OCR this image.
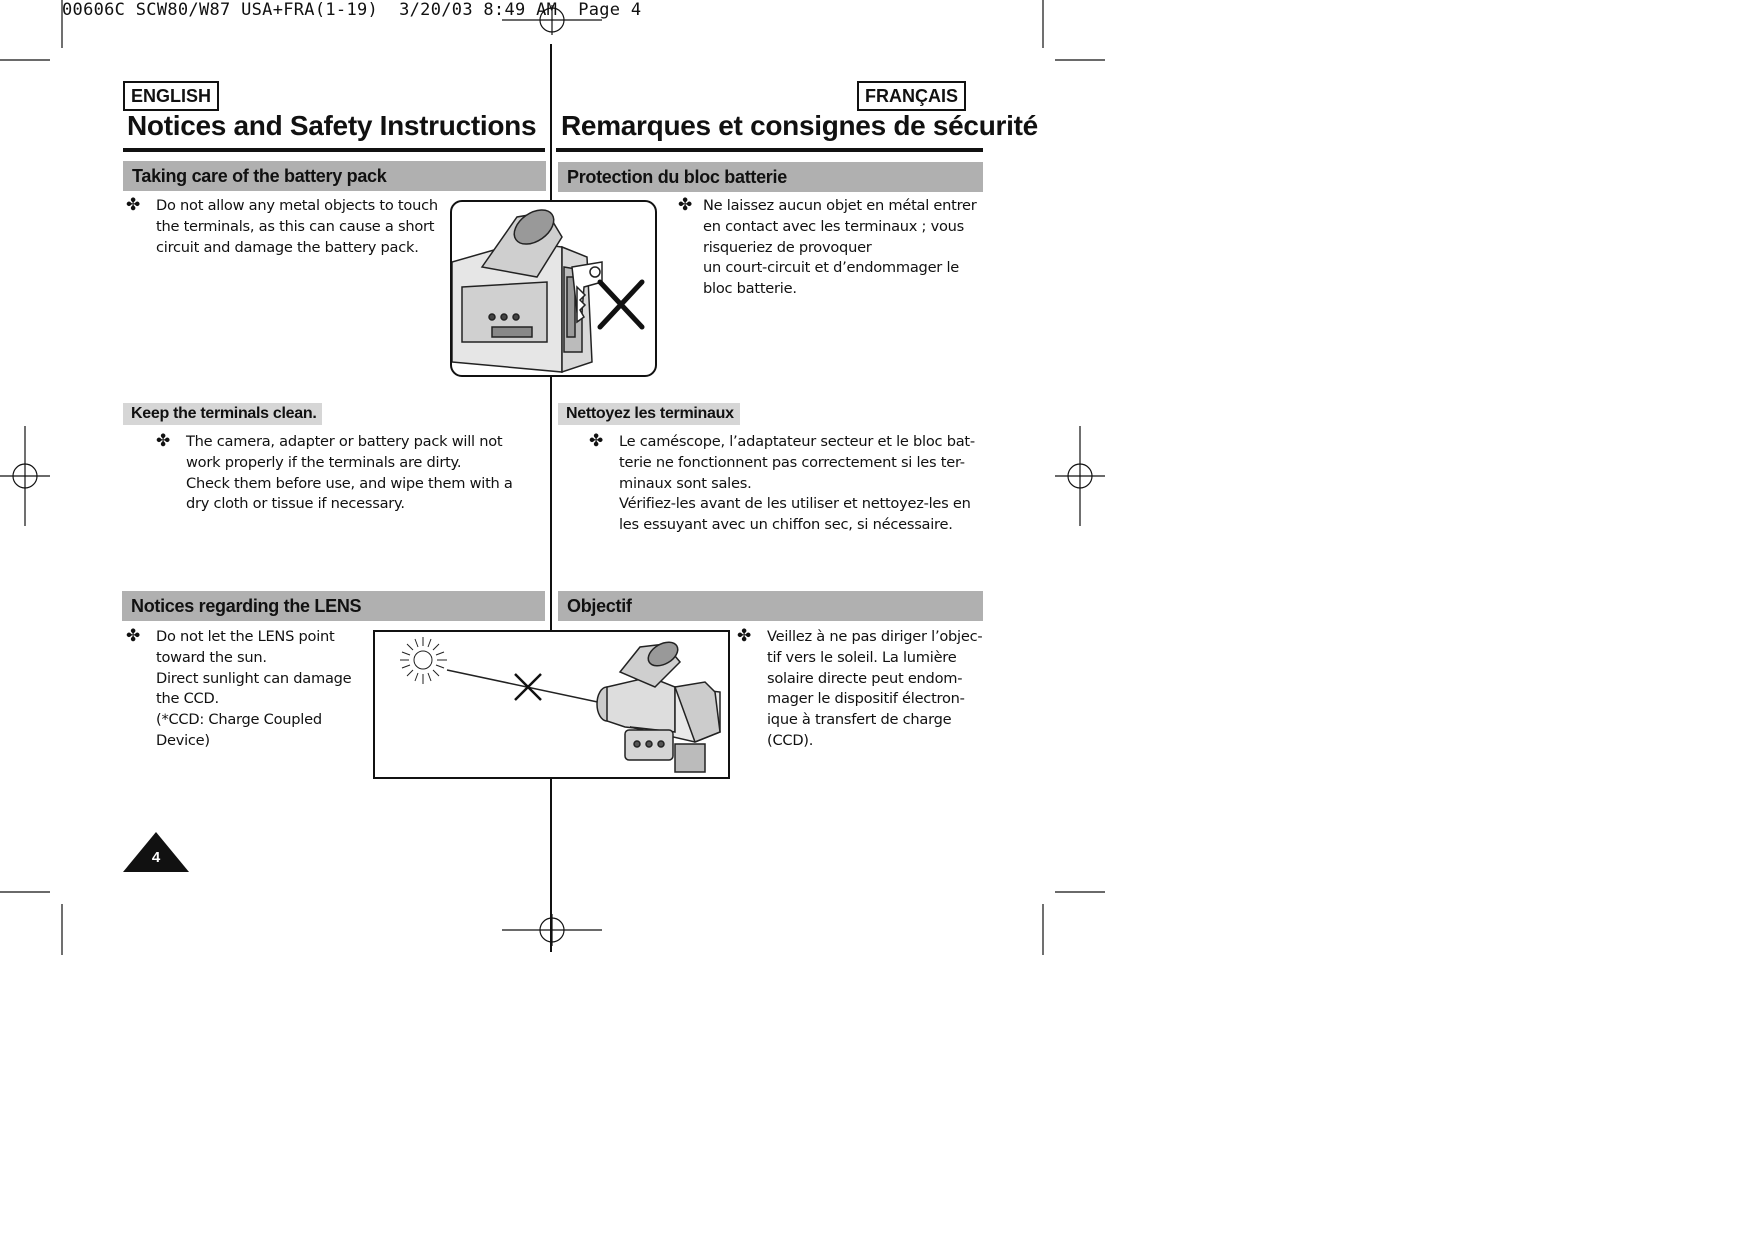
00606C SCW80/W87 USA+FRA(1-19)  3/20/03 8:49 AM  Page 4
ENGLISH	FRANÇAIS
Notices and Safety Instructions Remarques et consignes de sécurité
Taking care of the battery pack	Protection du bloc batterie
✤ Do not allow any metal objects to touch
the terminals, as this can cause a short
circuit and damage the battery pack.
✤ Ne laissez aucun objet en métal entrer
en contact avec les terminaux ; vous
risqueriez de provoquer
un court-circuit et d’endommager le
bloc batterie.
Keep the terminals clean.	Nettoyez les terminaux
✤ The camera, adapter or battery pack will not
work properly if the terminals are dirty.
Check them before use, and wipe them with a
dry cloth or tissue if necessary.
✤ Le caméscope, l’adaptateur secteur et le bloc bat-
terie ne fonctionnent pas correctement si les ter-
minaux sont sales.
Vérifiez-les avant de les utiliser et nettoyez-les en
les essuyant avec un chiffon sec, si nécessaire.
Notices regarding the LENS	Objectif
✤ Do not let the LENS point
toward the sun.
Direct sunlight can damage
the CCD.
(*CCD: Charge Coupled
Device)
✤ Veillez à ne pas diriger l’objec-
tif vers le soleil. La lumière
solaire directe peut endom-
mager le dispositif électron-
ique à transfert de charge
(CCD).
4
